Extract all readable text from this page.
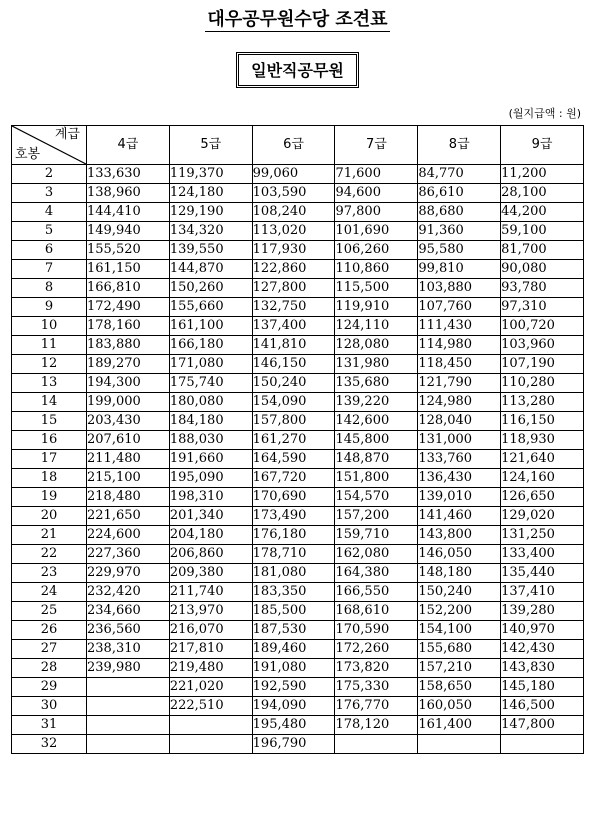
대우공무원수당 조견표
일반직공무원
(월지급액 : 원)
계급
호봉	4급	5급	6급	7급	8급	9급
2	133,630	119,370	99,060	71,600	84,770	11,200
3	138,960	124,180	103,590	94,600	86,610	28,100
4	144,410	129,190	108,240	97,800	88,680	44,200
5	149,940	134,320	113,020	101,690	91,360	59,100
6	155,520	139,550	117,930	106,260	95,580	81,700
7	161,150	144,870	122,860	110,860	99,810	90,080
8	166,810	150,260	127,800	115,500	103,880	93,780
9	172,490	155,660	132,750	119,910	107,760	97,310
10	178,160	161,100	137,400	124,110	111,430	100,720
11	183,880	166,180	141,810	128,080	114,980	103,960
12	189,270	171,080	146,150	131,980	118,450	107,190
13	194,300	175,740	150,240	135,680	121,790	110,280
14	199,000	180,080	154,090	139,220	124,980	113,280
15	203,430	184,180	157,800	142,600	128,040	116,150
16	207,610	188,030	161,270	145,800	131,000	118,930
17	211,480	191,660	164,590	148,870	133,760	121,640
18	215,100	195,090	167,720	151,800	136,430	124,160
19	218,480	198,310	170,690	154,570	139,010	126,650
20	221,650	201,340	173,490	157,200	141,460	129,020
21	224,600	204,180	176,180	159,710	143,800	131,250
22	227,360	206,860	178,710	162,080	146,050	133,400
23	229,970	209,380	181,080	164,380	148,180	135,440
24	232,420	211,740	183,350	166,550	150,240	137,410
25	234,660	213,970	185,500	168,610	152,200	139,280
26	236,560	216,070	187,530	170,590	154,100	140,970
27	238,310	217,810	189,460	172,260	155,680	142,430
28	239,980	219,480	191,080	173,820	157,210	143,830
29		221,020	192,590	175,330	158,650	145,180
30		222,510	194,090	176,770	160,050	146,500
31			195,480	178,120	161,400	147,800
32			196,790			
